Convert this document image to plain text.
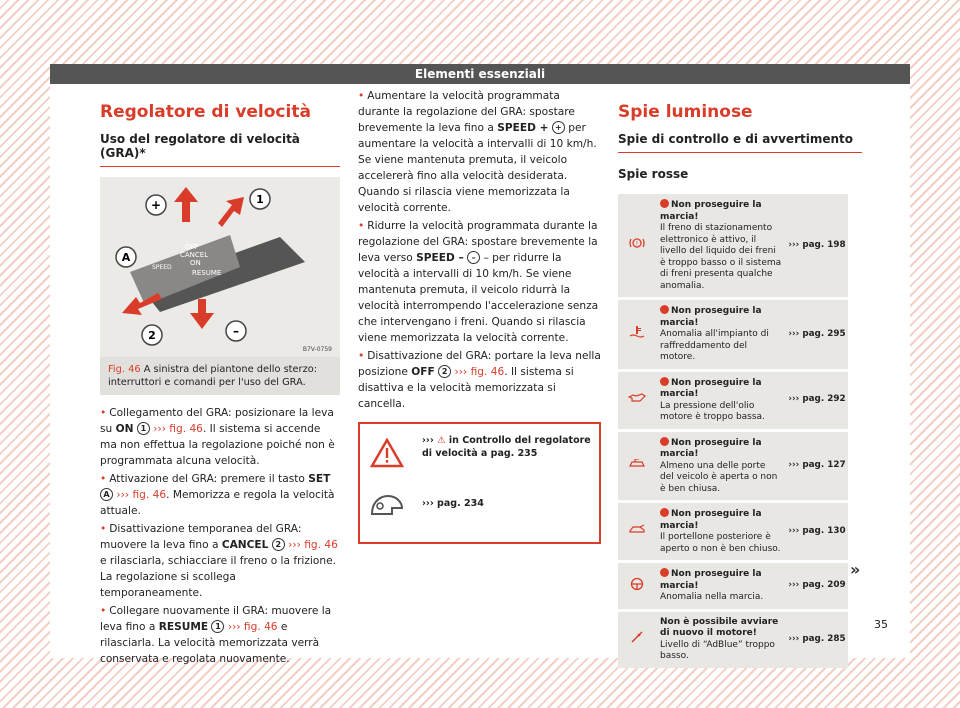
Elementi essenziali
Regolatore di velocità
Uso del regolatore di velocità (GRA)*
OFF
CANCEL
ON
RESUME
SPEED
+	1
A
2	–
B7V-0759
Fig. 46 A sinistra del piantone dello sterzo: interruttori e comandi per l'uso del GRA.

• Collegamento del GRA: posizionare la leva su ON 1 ››› fig. 46. Il sistema si accende ma non effettua la regolazione poiché non è programmata alcuna velocità.

• Attivazione del GRA: premere il tasto SET A ››› fig. 46. Memorizza e regola la velocità attuale.

• Disattivazione temporanea del GRA: muovere la leva fino a CANCEL 2 ››› fig. 46 e rilasciarla, schiacciare il freno o la frizione. La regolazione si scollega temporaneamente.

• Collegare nuovamente il GRA: muovere la leva fino a RESUME 1 ››› fig. 46 e rilasciarla. La velocità memorizzata verrà conservata e regolata nuovamente.

• Aumentare la velocità programmata durante la regolazione del GRA: spostare brevemente la leva fino a SPEED + + per aumentare la velocità a intervalli di 10 km/h. Se viene mantenuta premuta, il veicolo accelererà fino alla velocità desiderata. Quando si rilascia viene memorizzata la velocità corrente.

• Ridurre la velocità programmata durante la regolazione del GRA: spostare brevemente la leva verso SPEED – – – per ridurre la velocità a intervalli di 10 km/h. Se viene mantenuta premuta, il veicolo ridurrà la velocità interrompendo l'accelerazione senza che intervengano i freni. Quando si rilascia viene memorizzata la velocità corrente.

• Disattivazione del GRA: portare la leva nella posizione OFF 2 ››› fig. 46. Il sistema si disattiva e la velocità memorizzata si cancella.

››› ⚠ in Controllo del regolatore di velocità a pag. 235
››› pag. 234
Spie luminose
Spie di controllo e di avvertimento
Spie rosse
!	Non proseguire la marcia!
Il freno di stazionamento elettronico è attivo, il livello del liquido dei freni è troppo basso o il sistema di freni presenta qualche anomalia.	››› pag. 198
	Non proseguire la marcia!
Anomalia all'impianto di raffreddamento del motore.	››› pag. 295
	Non proseguire la marcia!
La pressione dell'olio motore è troppo bassa.	››› pag. 292
	Non proseguire la marcia!
Almeno una delle porte del veicolo è aperta o non è ben chiusa.	››› pag. 127
	Non proseguire la marcia!
Il portellone posteriore è aperto o non è ben chiuso.	››› pag. 130
	Non proseguire la marcia!
Anomalia nella marcia.	››› pag. 209
	Non è possibile avviare di nuovo il motore!
Livello di “AdBlue” troppo basso.	››› pag. 285
»
35
